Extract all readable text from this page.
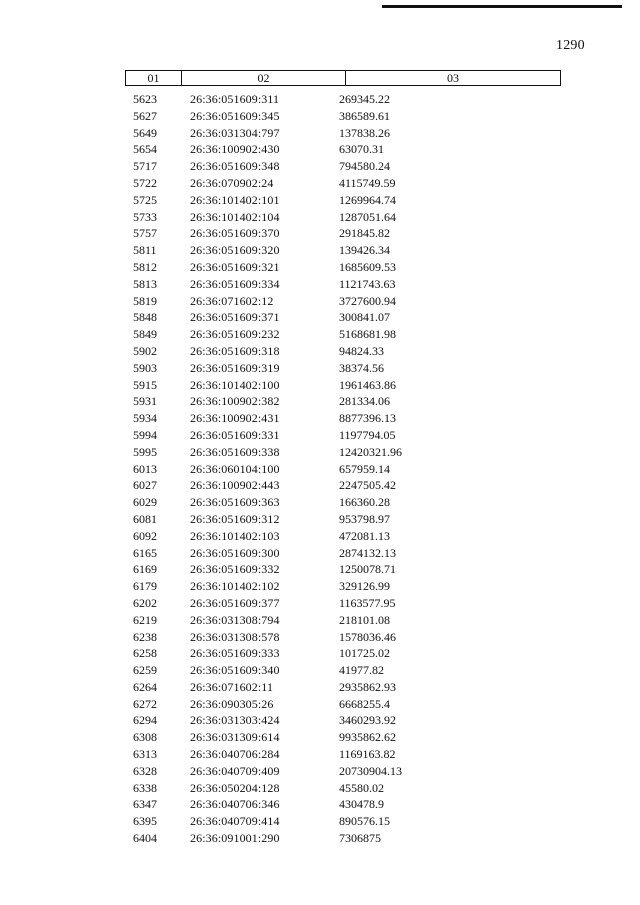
1290
01	02	03
5623	26:36:051609:311	269345.22
5627	26:36:051609:345	386589.61
5649	26:36:031304:797	137838.26
5654	26:36:100902:430	63070.31
5717	26:36:051609:348	794580.24
5722	26:36:070902:24	4115749.59
5725	26:36:101402:101	1269964.74
5733	26:36:101402:104	1287051.64
5757	26:36:051609:370	291845.82
5811	26:36:051609:320	139426.34
5812	26:36:051609:321	1685609.53
5813	26:36:051609:334	1121743.63
5819	26:36:071602:12	3727600.94
5848	26:36:051609:371	300841.07
5849	26:36:051609:232	5168681.98
5902	26:36:051609:318	94824.33
5903	26:36:051609:319	38374.56
5915	26:36:101402:100	1961463.86
5931	26:36:100902:382	281334.06
5934	26:36:100902:431	8877396.13
5994	26:36:051609:331	1197794.05
5995	26:36:051609:338	12420321.96
6013	26:36:060104:100	657959.14
6027	26:36:100902:443	2247505.42
6029	26:36:051609:363	166360.28
6081	26:36:051609:312	953798.97
6092	26:36:101402:103	472081.13
6165	26:36:051609:300	2874132.13
6169	26:36:051609:332	1250078.71
6179	26:36:101402:102	329126.99
6202	26:36:051609:377	1163577.95
6219	26:36:031308:794	218101.08
6238	26:36:031308:578	1578036.46
6258	26:36:051609:333	101725.02
6259	26:36:051609:340	41977.82
6264	26:36:071602:11	2935862.93
6272	26:36:090305:26	6668255.4
6294	26:36:031303:424	3460293.92
6308	26:36:031309:614	9935862.62
6313	26:36:040706:284	1169163.82
6328	26:36:040709:409	20730904.13
6338	26:36:050204:128	45580.02
6347	26:36:040706:346	430478.9
6395	26:36:040709:414	890576.15
6404	26:36:091001:290	7306875
